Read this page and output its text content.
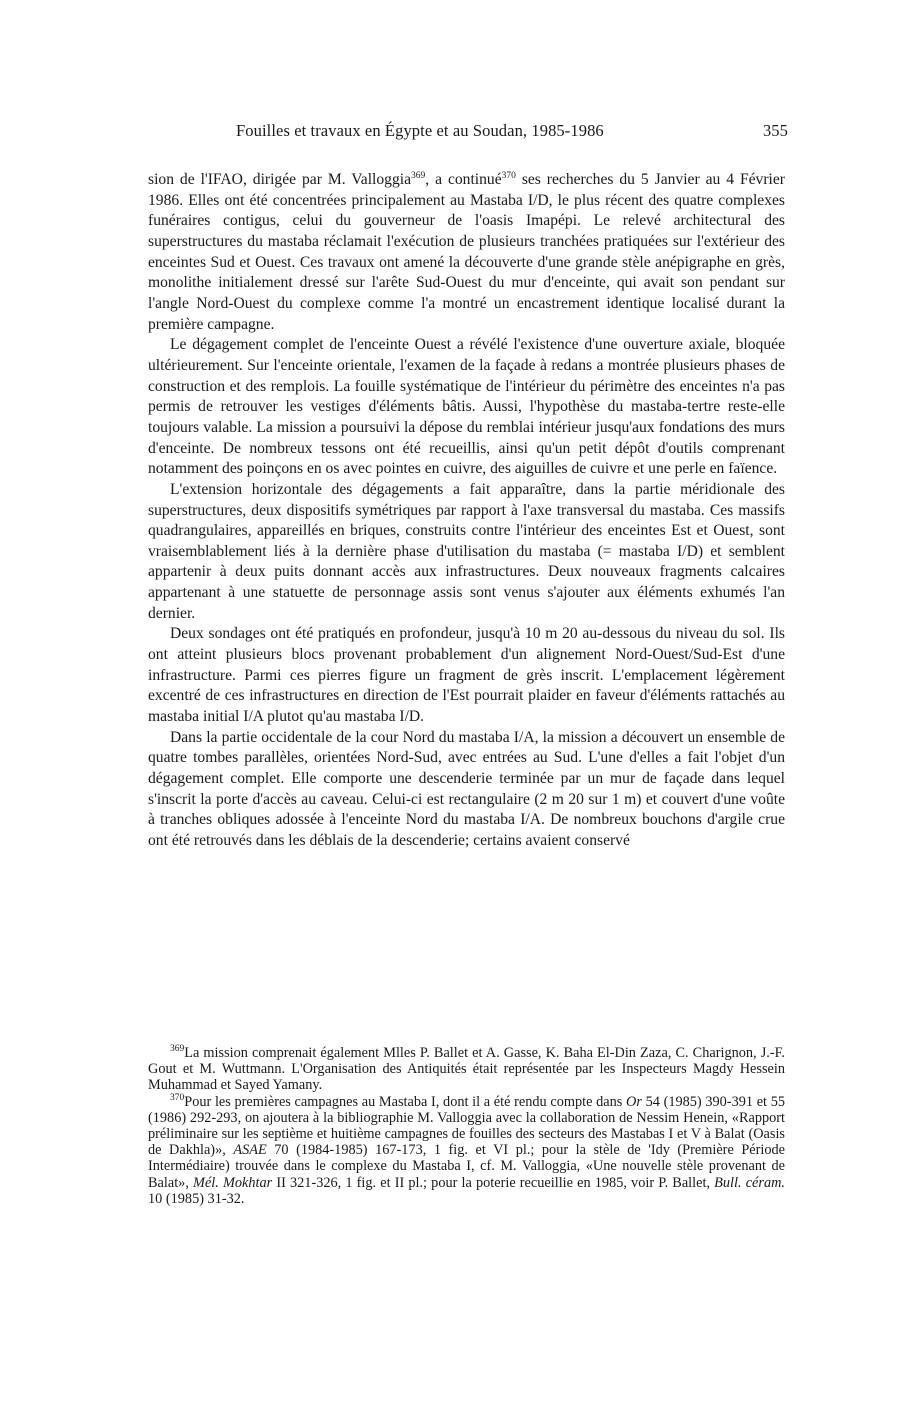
Fouilles et travaux en Égypte et au Soudan, 1985-1986	355

sion de l'IFAO, dirigée par M. Valloggia$^{369}$, a continué$^{370}$ ses recherches du 5 Janvier au 4 Février 1986. Elles ont été concentrées principalement au Mastaba I/D, le plus récent des quatre complexes funéraires contigus, celui du gouverneur de l'oasis Imapépi. Le relevé architectural des superstructures du mastaba réclamait l'exécution de plusieurs tranchées pratiquées sur l'extérieur des enceintes Sud et Ouest. Ces travaux ont amené la découverte d'une grande stèle anépigraphe en grès, monolithe initialement dressé sur l'arête Sud-Ouest du mur d'enceinte, qui avait son pendant sur l'angle Nord-Ouest du complexe comme l'a montré un encastrement identique localisé durant la première campagne.

Le dégagement complet de l'enceinte Ouest a révélé l'existence d'une ouverture axiale, bloquée ultérieurement. Sur l'enceinte orientale, l'examen de la façade à redans a montrée plusieurs phases de construction et des remplois. La fouille systématique de l'intérieur du périmètre des enceintes n'a pas permis de retrouver les vestiges d'éléments bâtis. Aussi, l'hypothèse du mastaba-tertre reste-elle toujours valable. La mission a poursuivi la dépose du remblai intérieur jusqu'aux fondations des murs d'enceinte. De nombreux tessons ont été recueillis, ainsi qu'un petit dépôt d'outils comprenant notamment des poinçons en os avec pointes en cuivre, des aiguilles de cuivre et une perle en faïence.

L'extension horizontale des dégagements a fait apparaître, dans la partie méridionale des superstructures, deux dispositifs symétriques par rapport à l'axe transversal du mastaba. Ces massifs quadrangulaires, appareillés en briques, construits contre l'intérieur des enceintes Est et Ouest, sont vraisemblablement liés à la dernière phase d'utilisation du mastaba (= mastaba I/D) et semblent appartenir à deux puits donnant accès aux infrastructures. Deux nouveaux fragments calcaires appartenant à une statuette de personnage assis sont venus s'ajouter aux éléments exhumés l'an dernier.

Deux sondages ont été pratiqués en profondeur, jusqu'à 10 m 20 au-dessous du niveau du sol. Ils ont atteint plusieurs blocs provenant probablement d'un alignement Nord-Ouest/Sud-Est d'une infrastructure. Parmi ces pierres figure un fragment de grès inscrit. L'emplacement légèrement excentré de ces infrastructures en direction de l'Est pourrait plaider en faveur d'éléments rattachés au mastaba initial I/A plutot qu'au mastaba I/D.

Dans la partie occidentale de la cour Nord du mastaba I/A, la mission a découvert un ensemble de quatre tombes parallèles, orientées Nord-Sud, avec entrées au Sud. L'une d'elles a fait l'objet d'un dégagement complet. Elle comporte une descenderie terminée par un mur de façade dans lequel s'inscrit la porte d'accès au caveau. Celui-ci est rectangulaire (2 m 20 sur 1 m) et couvert d'une voûte à tranches obliques adossée à l'enceinte Nord du mastaba I/A. De nombreux bouchons d'argile crue ont été retrouvés dans les déblais de la descenderie; certains avaient conservé

$^{369}$La mission comprenait également Mlles P. Ballet et A. Gasse, K. Baha El-Din Zaza, C. Charignon, J.-F. Gout et M. Wuttmann. L'Organisation des Antiquités était représentée par les Inspecteurs Magdy Hessein Muhammad et Sayed Yamany.

$^{370}$Pour les premières campagnes au Mastaba I, dont il a été rendu compte dans Or 54 (1985) 390-391 et 55 (1986) 292-293, on ajoutera à la bibliographie M. Valloggia avec la collaboration de Nessim Henein, «Rapport préliminaire sur les septième et huitième campagnes de fouilles des secteurs des Mastabas I et V à Balat (Oasis de Dakhla)», ASAE 70 (1984-1985) 167-173, 1 fig. et VI pl.; pour la stèle de 'Idy (Première Période Intermédiaire) trouvée dans le complexe du Mastaba I, cf. M. Valloggia, «Une nouvelle stèle provenant de Balat», Mél. Mokhtar II 321-326, 1 fig. et II pl.; pour la poterie recueillie en 1985, voir P. Ballet, Bull. céram. 10 (1985) 31-32.
